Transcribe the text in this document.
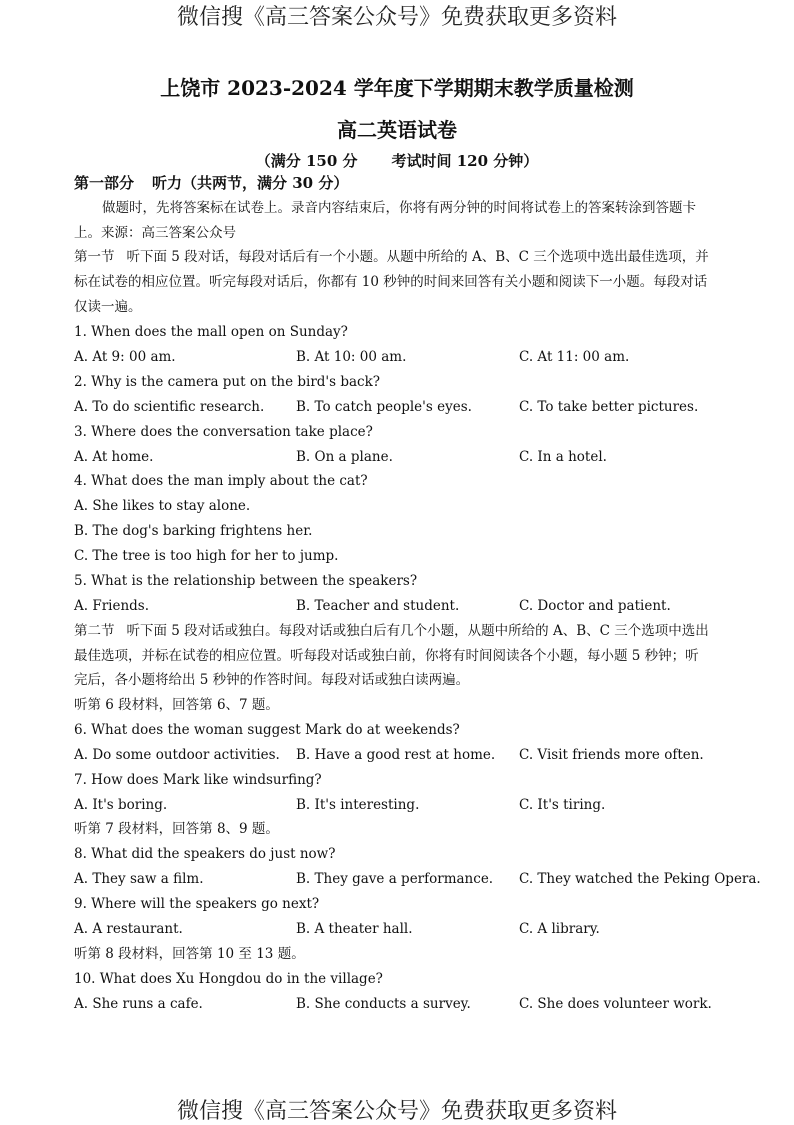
微信搜《高三答案公众号》免费获取更多资料
上饶市 2023-2024 学年度下学期期末教学质量检测
高二英语试卷
（满分 150 分 考试时间 120 分钟）
第一部分 听力（共两节，满分 30 分）
做题时，先将答案标在试卷上。录音内容结束后，你将有两分钟的时间将试卷上的答案转涂到答题卡
上。来源：高三答案公众号
第一节 听下面 5 段对话，每段对话后有一个小题。从题中所给的 A、B、C 三个选项中选出最佳选项，并
标在试卷的相应位置。听完每段对话后，你都有 10 秒钟的时间来回答有关小题和阅读下一小题。每段对话
仅读一遍。
1. When does the mall open on Sunday?
A. At 9: 00 am.	B. At 10: 00 am.	C. At 11: 00 am.
2. Why is the camera put on the bird's back?
A. To do scientific research. B. To catch people's eyes.	C. To take better pictures.
3. Where does the conversation take place?
A. At home.	B. On a plane.	C. In a hotel.
4. What does the man imply about the cat?
A. She likes to stay alone.
B. The dog's barking frightens her.
C. The tree is too high for her to jump.
5. What is the relationship between the speakers?
A. Friends.	B. Teacher and student.	C. Doctor and patient.
第二节 听下面 5 段对话或独白。每段对话或独白后有几个小题，从题中所给的 A、B、C 三个选项中选出
最佳选项，并标在试卷的相应位置。听每段对话或独白前，你将有时间阅读各个小题，每小题 5 秒钟；听
完后，各小题将给出 5 秒钟的作答时间。每段对话或独白读两遍。
听第 6 段材料，回答第 6、7 题。
6. What does the woman suggest Mark do at weekends?
A. Do some outdoor activities. B. Have a good rest at home. C. Visit friends more often.
7. How does Mark like windsurfing?
A. It's boring.	B. It's interesting.	C. It's tiring.
听第 7 段材料，回答第 8、9 题。
8. What did the speakers do just now?
A. They saw a film.	B. They gave a performance. C. They watched the Peking Opera.
9. Where will the speakers go next?
A. A restaurant.	B. A theater hall.	C. A library.
听第 8 段材料，回答第 10 至 13 题。
10. What does Xu Hongdou do in the village?
A. She runs a cafe.	B. She conducts a survey.	C. She does volunteer work.
微信搜《高三答案公众号》免费获取更多资料
